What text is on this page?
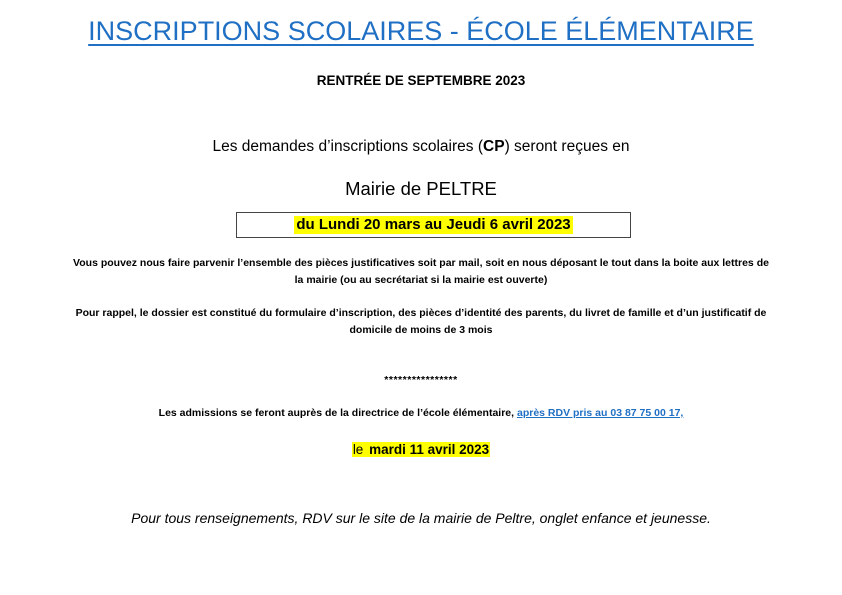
INSCRIPTIONS SCOLAIRES - ÉCOLE ÉLÉMENTAIRE
RENTRÉE DE SEPTEMBRE 2023
Les demandes d’inscriptions scolaires (CP) seront reçues en
Mairie de PELTRE
du Lundi 20 mars au Jeudi 6 avril 2023
Vous pouvez nous faire parvenir l’ensemble des pièces justificatives soit par mail, soit en nous déposant le tout dans la boite aux lettres de la mairie (ou au secrétariat si la mairie est ouverte)
Pour rappel, le dossier est constitué du formulaire d’inscription, des pièces d’identité des parents, du livret de famille et d’un justificatif de domicile de moins de 3 mois
****************
Les admissions se feront auprès de la directrice de l’école élémentaire, après RDV pris au 03 87 75 00 17,
le mardi 11 avril 2023
Pour tous renseignements, RDV sur le site de la mairie de Peltre, onglet enfance et jeunesse.
